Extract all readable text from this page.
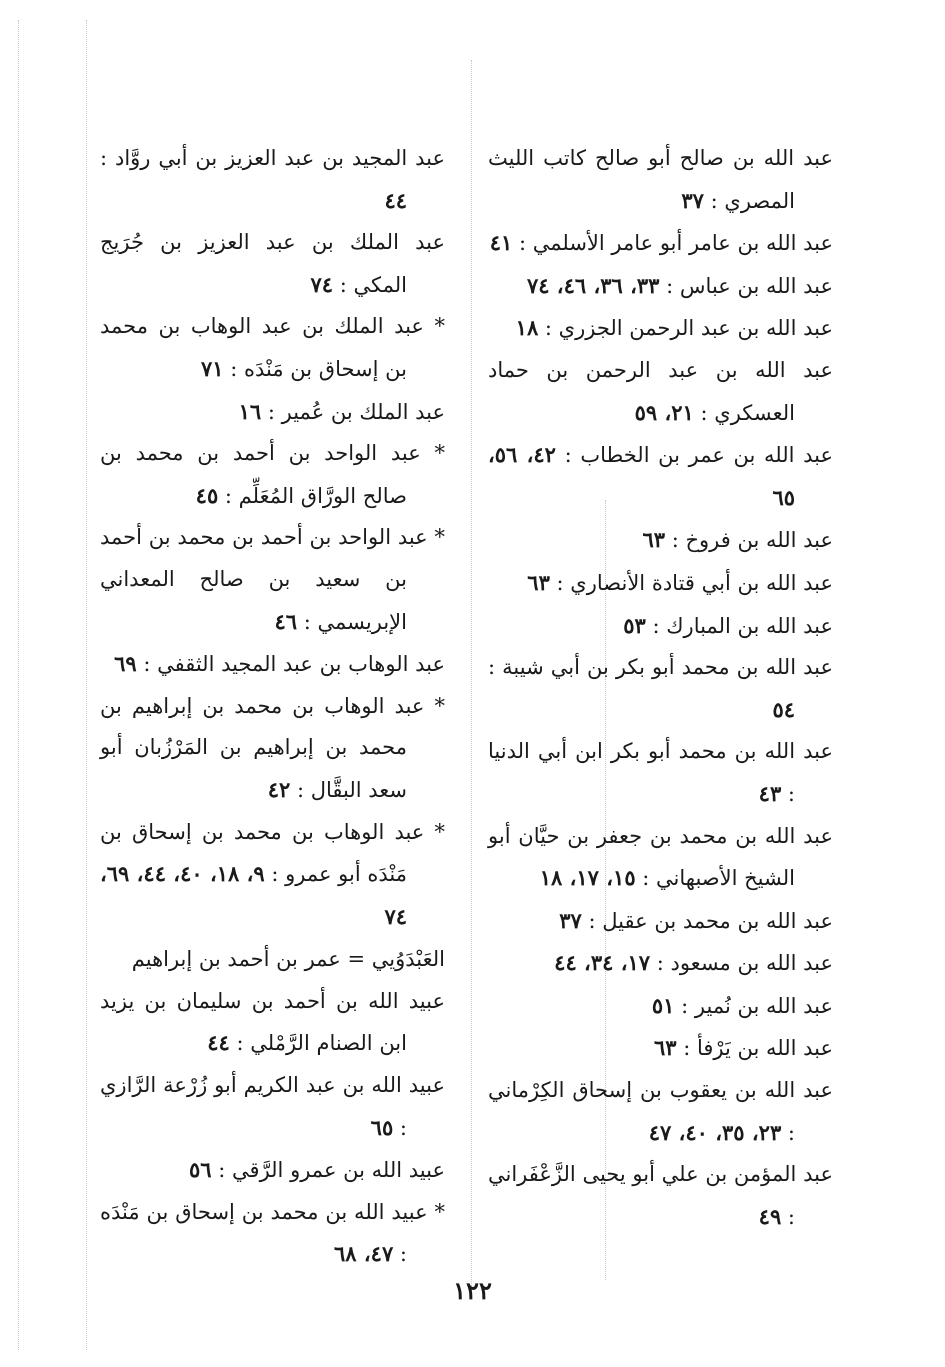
عبد الله بن صالح أبو صالح كاتب الليث المصري : ٣٧

عبد الله بن عامر أبو عامر الأسلمي : ٤١

عبد الله بن عباس : ٣٣، ٣٦، ٤٦، ٧٤

عبد الله بن عبد الرحمن الجزري : ١٨

عبد الله بن عبد الرحمن بن حماد العسكري : ٢١، ٥٩

عبد الله بن عمر بن الخطاب : ٤٢، ٥٦، ٦٥

عبد الله بن فروخ : ٦٣

عبد الله بن أبي قتادة الأنصاري : ٦٣

عبد الله بن المبارك : ٥٣

عبد الله بن محمد أبو بكر بن أبي شيبة : ٥٤

عبد الله بن محمد أبو بكر ابن أبي الدنيا : ٤٣

عبد الله بن محمد بن جعفر بن حيَّان أبو الشيخ الأصبهاني : ١٥، ١٧، ١٨

عبد الله بن محمد بن عقيل : ٣٧

عبد الله بن مسعود : ١٧، ٣٤، ٤٤

عبد الله بن نُمير : ٥١

عبد الله بن يَرْفأ : ٦٣

عبد الله بن يعقوب بن إسحاق الكِرْماني : ٢٣، ٣٥، ٤٠، ٤٧

عبد المؤمن بن علي أبو يحيى الزَّعْفَراني : ٤٩

عبد المجيد بن عبد العزيز بن أبي روَّاد : ٤٤

عبد الملك بن عبد العزيز بن جُرَيج المكي : ٧٤

* عبد الملك بن عبد الوهاب بن محمد بن إسحاق بن مَنْدَه : ٧١

عبد الملك بن عُمير : ١٦

* عبد الواحد بن أحمد بن محمد بن صالح الورَّاق المُعَلِّم : ٤٥

* عبد الواحد بن أحمد بن محمد بن أحمد بن سعيد بن صالح المعداني الإبريسمي : ٤٦

عبد الوهاب بن عبد المجيد الثقفي : ٦٩

* عبد الوهاب بن محمد بن إبراهيم بن محمد بن إبراهيم بن المَرْزُبان أبو سعد البقَّال : ٤٢

* عبد الوهاب بن محمد بن إسحاق بن مَنْدَه أبو عمرو : ٩، ١٨، ٤٠، ٤٤، ٦٩، ٧٤

العَبْدَوُيي = عمر بن أحمد بن إبراهيم

عبيد الله بن أحمد بن سليمان بن يزيد ابن الصنام الرَّمْلي : ٤٤

عبيد الله بن عبد الكريم أبو زُرْعة الرَّازي : ٦٥

عبيد الله بن عمرو الرَّقي : ٥٦

* عبيد الله بن محمد بن إسحاق بن مَنْدَه : ٤٧، ٦٨

١٢٢
